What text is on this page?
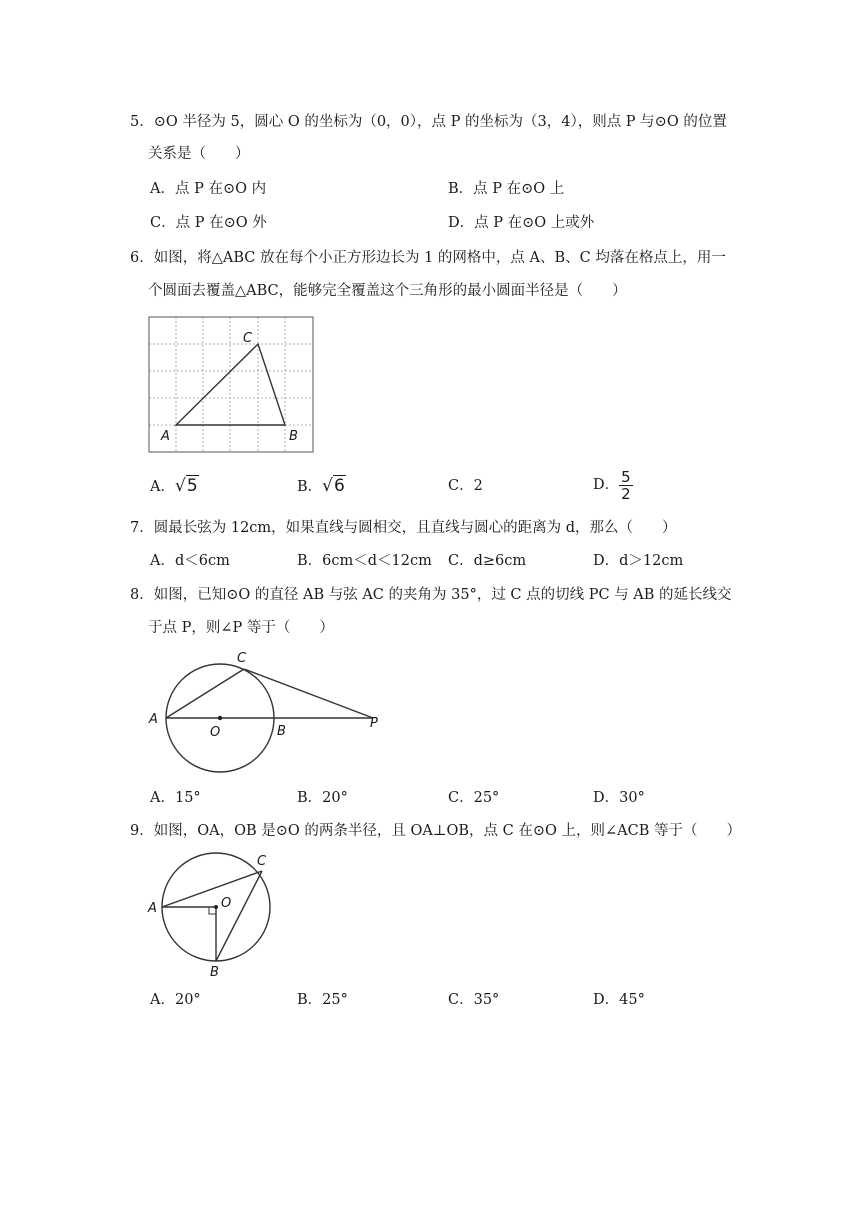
5．⊙O 半径为 5，圆心 O 的坐标为（0，0），点 P 的坐标为（3，4），则点 P 与⊙O 的位置
关系是（　　）
A．点 P 在⊙O 内	B．点 P 在⊙O 上
C．点 P 在⊙O 外	D．点 P 在⊙O 上或外
6．如图，将△ABC 放在每个小正方形边长为 1 的网格中，点 A、B、C 均落在格点上，用一
个圆面去覆盖△ABC，能够完全覆盖这个三角形的最小圆面半径是（　　）
A	B
C
A．√5	B．√6	C．2	D． $\frac{5}{2}$
7．圆最长弦为 12cm，如果直线与圆相交，且直线与圆心的距离为 d，那么（　　）
A．d＜6cm	B．6cm＜d＜12cm C．d≥6cm	D．d＞12cm
8．如图，已知⊙O 的直径 AB 与弦 AC 的夹角为 35°，过 C 点的切线 PC 与 AB 的延长线交
于点 P，则∠P 等于（　　）
A
C
O	B
P
A．15°	B．20°	C．25°	D．30°
9．如图，OA，OB 是⊙O 的两条半径，且 OA⊥OB，点 C 在⊙O 上，则∠ACB 等于（　　）
A	O
C
B
A．20°	B．25°	C．35°	D．45°
